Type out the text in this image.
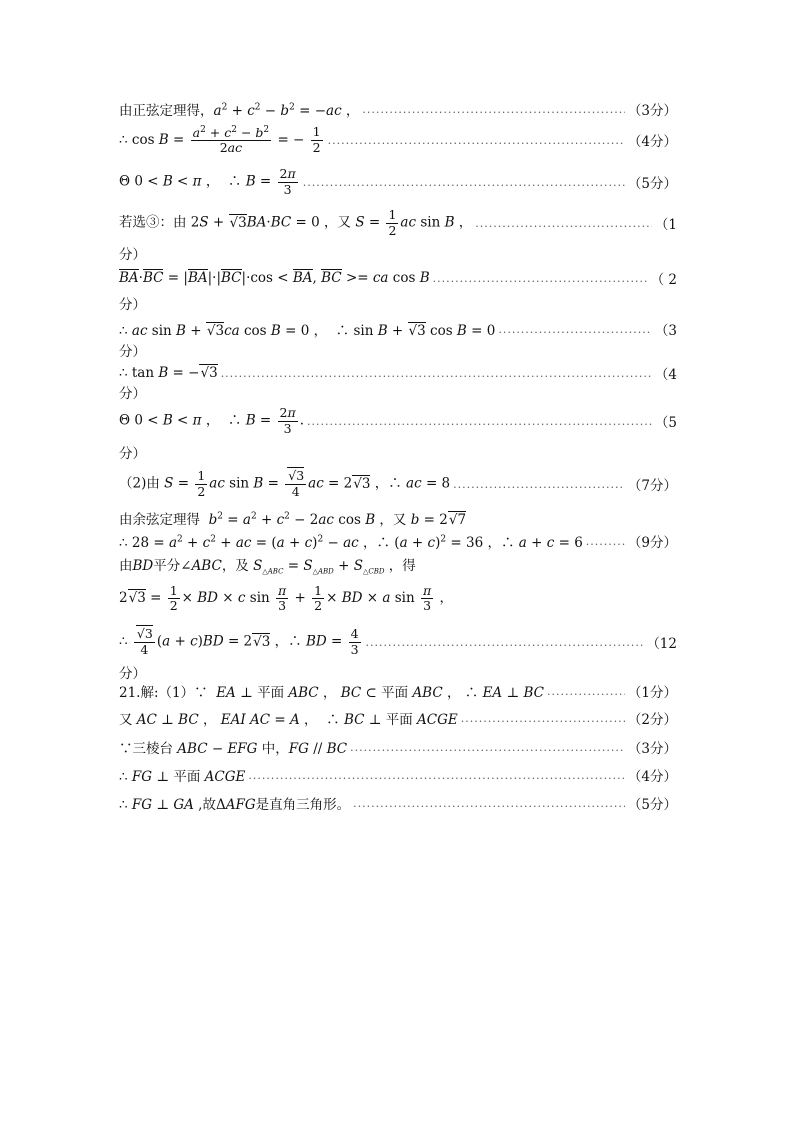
由正弦定理得，$a^2 + c^2 - b^2 = -ac$ ， .....	（3分）
∴ $\cos B = \frac{a^2 + c^2 - b^2}{2ac}$ = − $\frac{1}{2}$ .....	（4分）
Θ 0 < B < π ，  ∴ $B = \frac{2\pi}{3}$ .....	（5分）
若选③：由 2S + √3BA·BC = 0 ，又 $S = \frac{1}{2}$ ac sin B ， .....	（1
分）
BA·BC = |BA|·|BC|·cos < BA, BC >= ca cos B .....	（ 2
分）
∴ ac sin B + √3ca cos B = 0 ，  ∴ sin B + √3 cos B = 0 .....	（3
分）
∴ tan B = −√3 .....	（4
分）
Θ 0 < B < π ，  ∴ $B = \frac{2\pi}{3}$ . .....	（5
分）
（2)由 $S = \frac{1}{2}$ ac $\sin B = \frac{√3}{4}$ ac = 2√3 ，∴ ac = 8 .....	（7分）
由余弦定理得  $b^2 = a^2 + c^2 - 2ac$ cos B ，又 b = 2√7
∴ $28 = a^2 + c^2$ + ac = $(a + c)^2$ − ac ，∴ $(a + c)^2 = 36$ ，∴ a + c = 6 .....	（9分）
由BD平分∠ABC，及 $S_{\triangle ABC} = S_{\triangle ABD} + S_{\triangle CBD}$ ，得
$2√3 = \frac{1}{2}$ × BD × c $\sin \frac{\pi}{3} + \frac{1}{2}$ × BD × a $\sin \frac{\pi}{3}$ ，
∴ $\frac{√3}{4} (a + c)BD = 2√3$ ，∴ BD = $\frac{4}{3}$ .....	（12
分）
21.解:（1）∵  EA ⊥ 平面 ABC ， BC ⊂ 平面 ABC ， ∴ EA ⊥ BC .....	（1分）
又 AC ⊥ BC ， EAI AC = A ，  ∴ BC ⊥ 平面 ACGE .....	（2分）
∵三棱台 ABC − EFG 中，FG // BC .....	（3分）
∴ FG ⊥ 平面 ACGE .....	（4分）
∴ FG ⊥ GA ,故ΔAFG是直角三角形。 .....	（5分）
